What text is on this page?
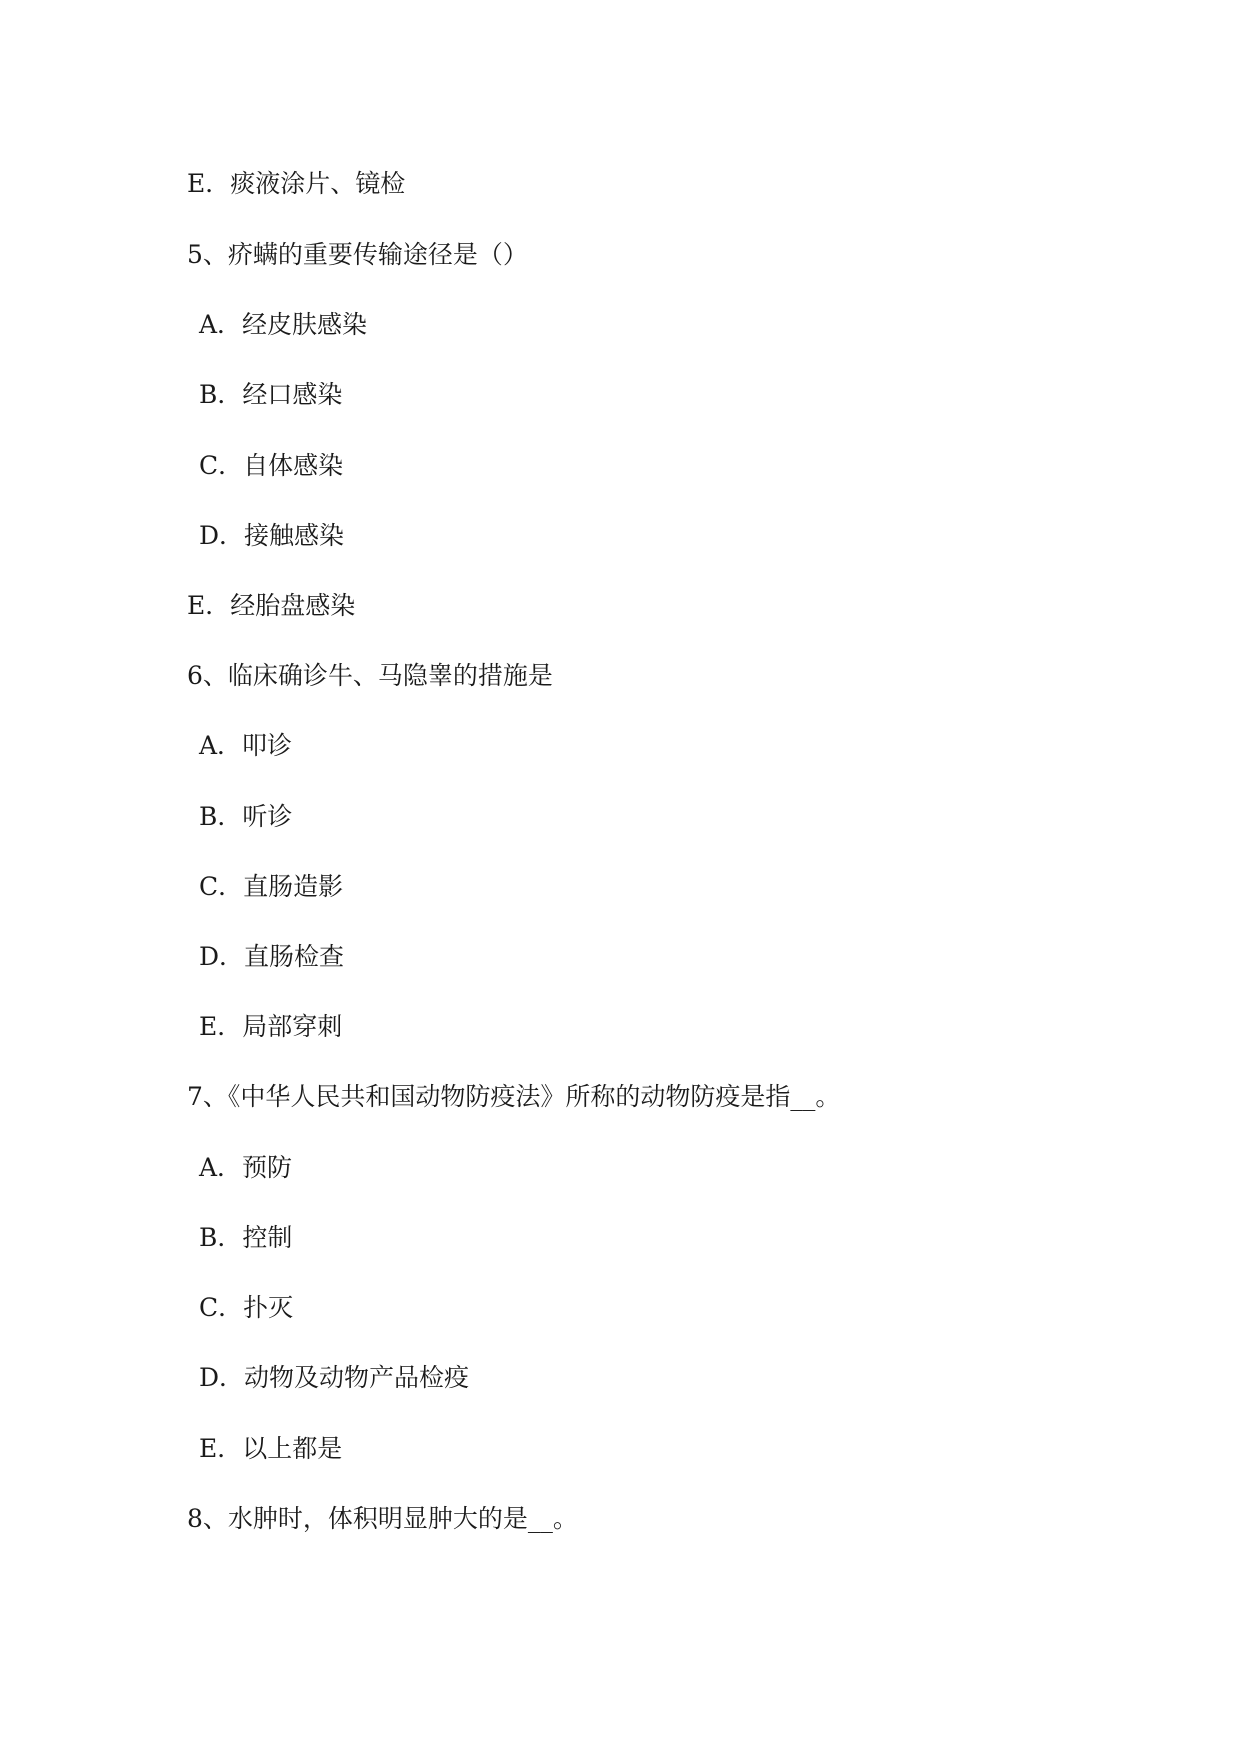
E．痰液涂片、镜检
5、疥螨的重要传输途径是（）
A．经皮肤感染
B．经口感染
C．自体感染
D．接触感染
E．经胎盘感染
6、临床确诊牛、马隐睾的措施是
A．叩诊
B．听诊
C．直肠造影
D．直肠检查
E．局部穿刺
7、《中华人民共和国动物防疫法》所称的动物防疫是指__。
A．预防
B．控制
C．扑灭
D．动物及动物产品检疫
E．以上都是
8、水肿时，体积明显肿大的是__。
